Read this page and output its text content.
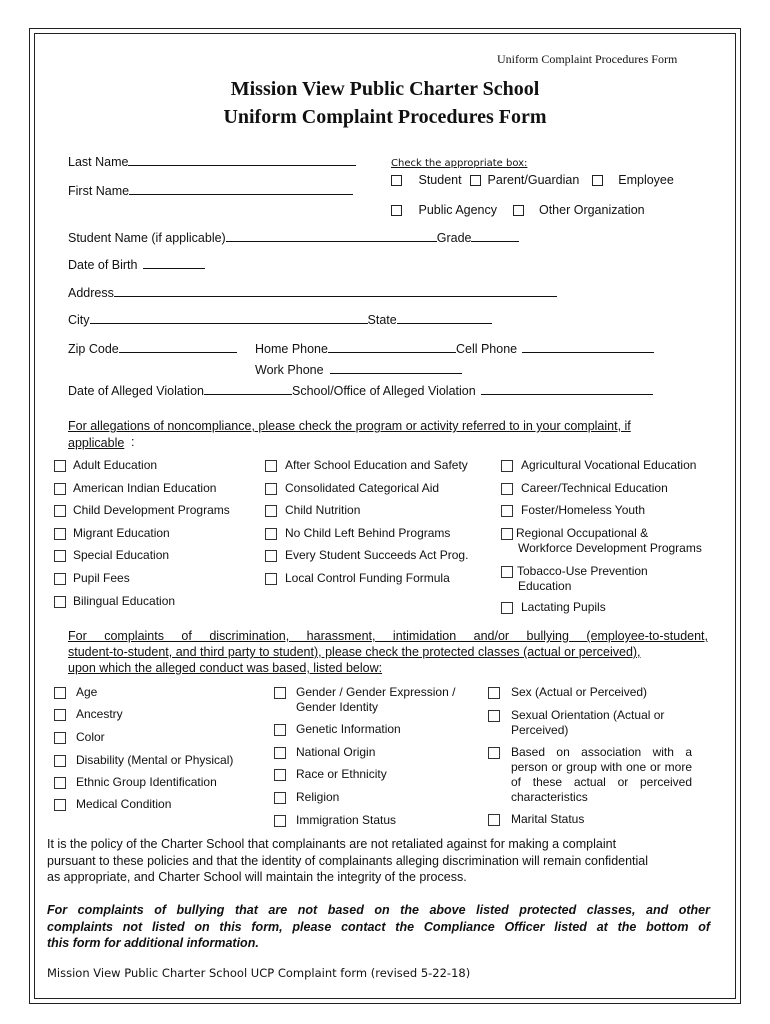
Uniform Complaint Procedures Form
Mission View Public Charter School
Uniform Complaint Procedures Form
Last Name
First Name
Check the appropriate box:
Student Parent/Guardian	Employee
Public Agency	Other Organization
Student Name (if applicable)	Grade
Date of Birth
Address
City	State
Zip Code	Home Phone	Cell Phone
Work Phone
Date of Alleged Violation	School/Office of Alleged Violation
For allegations of noncompliance, please check the program or activity referred to in your complaint, if
applicable :
Adult Education
American Indian Education
Child Development Programs
Migrant Education
Special Education
Pupil Fees
Bilingual Education
After School Education and Safety
Consolidated Categorical Aid
Child Nutrition
No Child Left Behind Programs
Every Student Succeeds Act Prog.
Local Control Funding Formula
Agricultural Vocational Education
Career/Technical Education
Foster/Homeless Youth
Regional Occupational &
Workforce Development Programs
Tobacco-Use Prevention
Education
Lactating Pupils
For complaints of discrimination, harassment, intimidation and/or bullying (employee-to-student,
student-to-student, and third party to student), please check the protected classes (actual or perceived),
upon which the alleged conduct was based, listed below:
Age
Ancestry
Color
Disability (Mental or Physical)
Ethnic Group Identification
Medical Condition
Gender / Gender Expression /
Gender Identity
Genetic Information
National Origin
Race or Ethnicity
Religion
Immigration Status
Sex (Actual or Perceived)
Sexual Orientation (Actual or
Perceived)
Based on association with a
person or group with one or more
of these actual or perceived
characteristics
Marital Status
It is the policy of the Charter School that complainants are not retaliated against for making a complaint
pursuant to these policies and that the identity of complainants alleging discrimination will remain confidential
as appropriate, and Charter School will maintain the integrity of the process.
For complaints of bullying that are not based on the above listed protected classes, and other
complaints not listed on this form, please contact the Compliance Officer listed at the bottom of
this form for additional information.
Mission View Public Charter School UCP Complaint form (revised 5-22-18)
